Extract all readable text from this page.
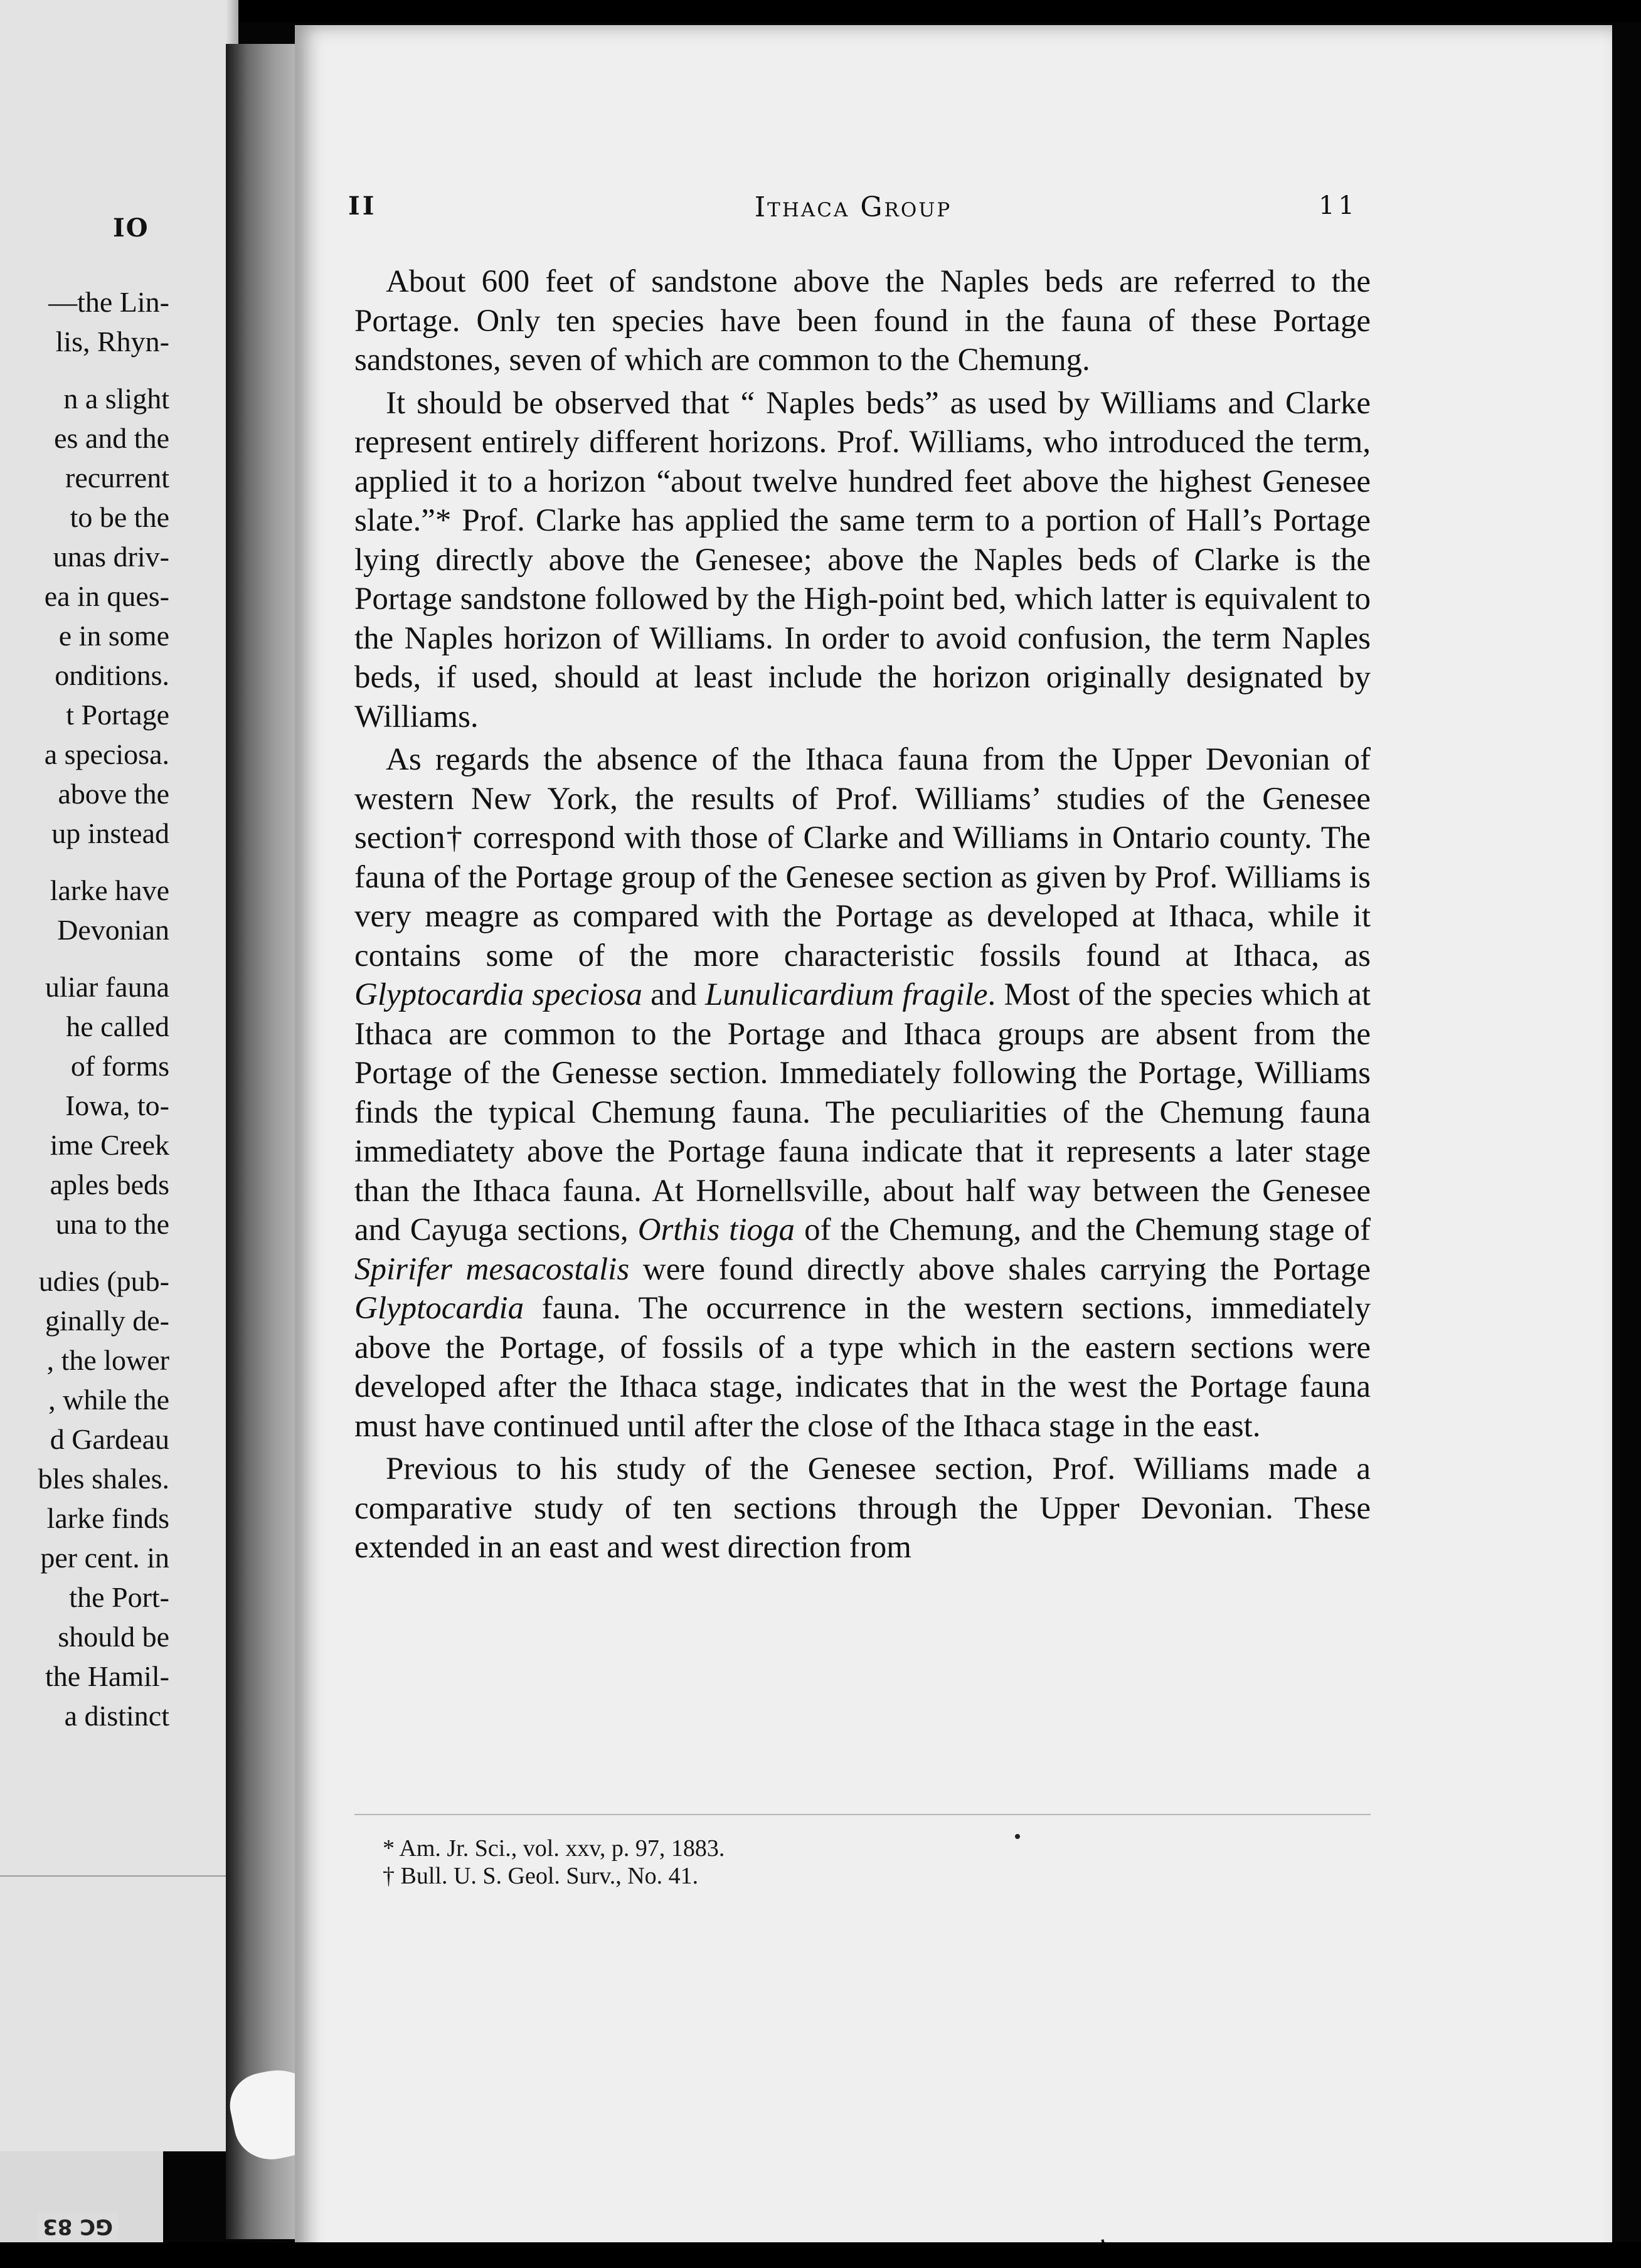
IO
—the Lin-
lis, Rhyn-
n a slight
es and the
recurrent
to be the
unas driv-
ea in ques-
e in some
onditions.
t Portage
a speciosa.
above the
up instead
larke have
Devonian
uliar fauna
he called
of forms
Iowa, to-
ime Creek
aples beds
una to the
udies (pub-
ginally de-
, the lower
, while the
d Gardeau
bles shales.
larke finds
per cent. in
the Port-
should be
the Hamil-
a distinct
GC 83
II	Ithaca Group	11

About 600 feet of sandstone above the Naples beds are referred to the Portage. Only ten species have been found in the fauna of these Portage sandstones, seven of which are common to the Chemung.

It should be observed that “ Naples beds” as used by Williams and Clarke represent entirely different horizons. Prof. Williams, who introduced the term, applied it to a horizon “about twelve hundred feet above the highest Genesee slate.”* Prof. Clarke has applied the same term to a portion of Hall’s Portage lying directly above the Genesee; above the Naples beds of Clarke is the Portage sandstone followed by the High-point bed, which latter is equivalent to the Naples horizon of Williams. In order to avoid confusion, the term Naples beds, if used, should at least include the horizon originally designated by Williams.

As regards the absence of the Ithaca fauna from the Upper Devonian of western New York, the results of Prof. Williams’ studies of the Genesee section† correspond with those of Clarke and Williams in Ontario county. The fauna of the Portage group of the Genesee section as given by Prof. Williams is very meagre as compared with the Portage as developed at Ithaca, while it contains some of the more characteristic fossils found at Ithaca, as Glyptocardia speciosa and Lunulicardium fragile. Most of the species which at Ithaca are common to the Portage and Ithaca groups are absent from the Portage of the Genesse section. Immediately following the Portage, Williams finds the typical Chemung fauna. The peculiarities of the Chemung fauna immediatety above the Portage fauna indicate that it represents a later stage than the Ithaca fauna. At Hornellsville, about half way between the Genesee and Cayuga sections, Orthis tioga of the Chemung, and the Chemung stage of Spirifer mesacostalis were found directly above shales carrying the Portage Glyptocardia fauna. The occurrence in the western sections, immediately above the Portage, of fossils of a type which in the eastern sections were developed after the Ithaca stage, indicates that in the west the Portage fauna must have continued until after the close of the Ithaca stage in the east.

Previous to his study of the Genesee section, Prof. Williams made a comparative study of ten sections through the Upper Devonian. These extended in an east and west direction from

* Am. Jr. Sci., vol. xxv, p. 97, 1883.
† Bull. U. S. Geol. Surv., No. 41.
